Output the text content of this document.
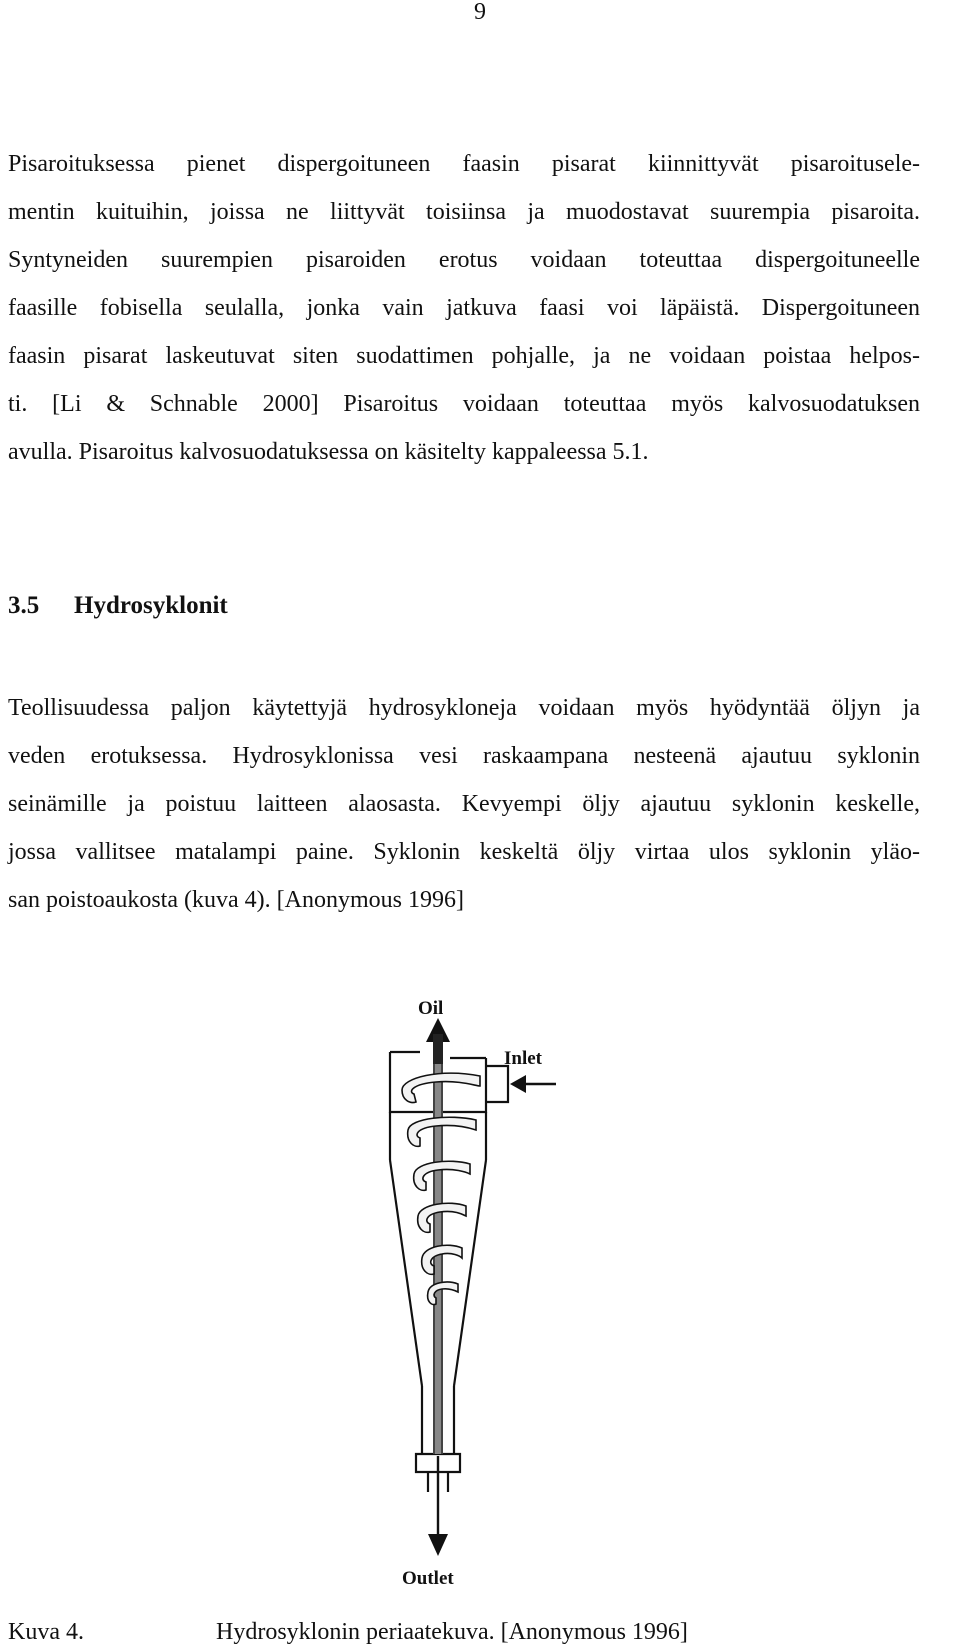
9
Pisaroituksessa pienet dispergoituneen faasin pisarat kiinnittyvät pisaroituselе-
mentin kuituihin, joissa ne liittyvät toisiinsa ja muodostavat suurempia pisaroita.
Syntyneiden suurempien pisaroiden erotus voidaan toteuttaa dispergoituneelle
faasille fobisella seulalla, jonka vain jatkuva faasi voi läpäistä. Dispergoituneen
faasin pisarat laskeutuvat siten suodattimen pohjalle, ja ne voidaan poistaa helpos-
ti. [Li & Schnable 2000] Pisaroitus voidaan toteuttaa myös kalvosuodatuksen
avulla. Pisaroitus kalvosuodatuksessa on käsitelty kappaleessa 5.1.
3.5 Hydrosyklonit
Teollisuudessa paljon käytettyjä hydrosykloneja voidaan myös hyödyntää öljyn ja
veden erotuksessa. Hydrosyklonissa vesi raskaampana nesteenä ajautuu syklonin
seinämille ja poistuu laitteen alaosasta. Kevyempi öljy ajautuu syklonin keskelle,
jossa vallitsee matalampi paine. Syklonin keskeltä öljy virtaa ulos syklonin yläo-
san poistoaukosta (kuva 4). [Anonymous 1996]
Oil
Inlet
Outlet
Kuva 4.	Hydrosyklonin periaatekuva. [Anonymous 1996]
